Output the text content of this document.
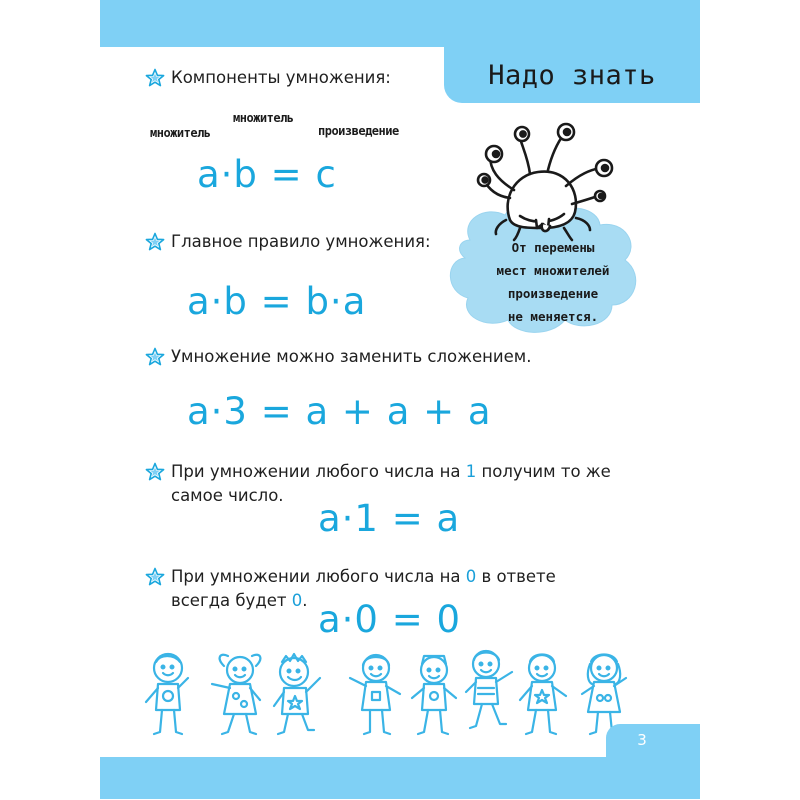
Надо знать
Компоненты умножения:
множитель
множитель
произведение
a·b = c
Главное правило умножения:
a·b = b·a
Умножение можно заменить сложением.
a·3 = a + a + a
При умножении любого числа на 1 получим то же
самое число.
a·1 = a
При умножении любого числа на 0 в ответе
всегда будет 0. a·0 = 0
От перемены
мест множителей
произведение
не меняется.
3
